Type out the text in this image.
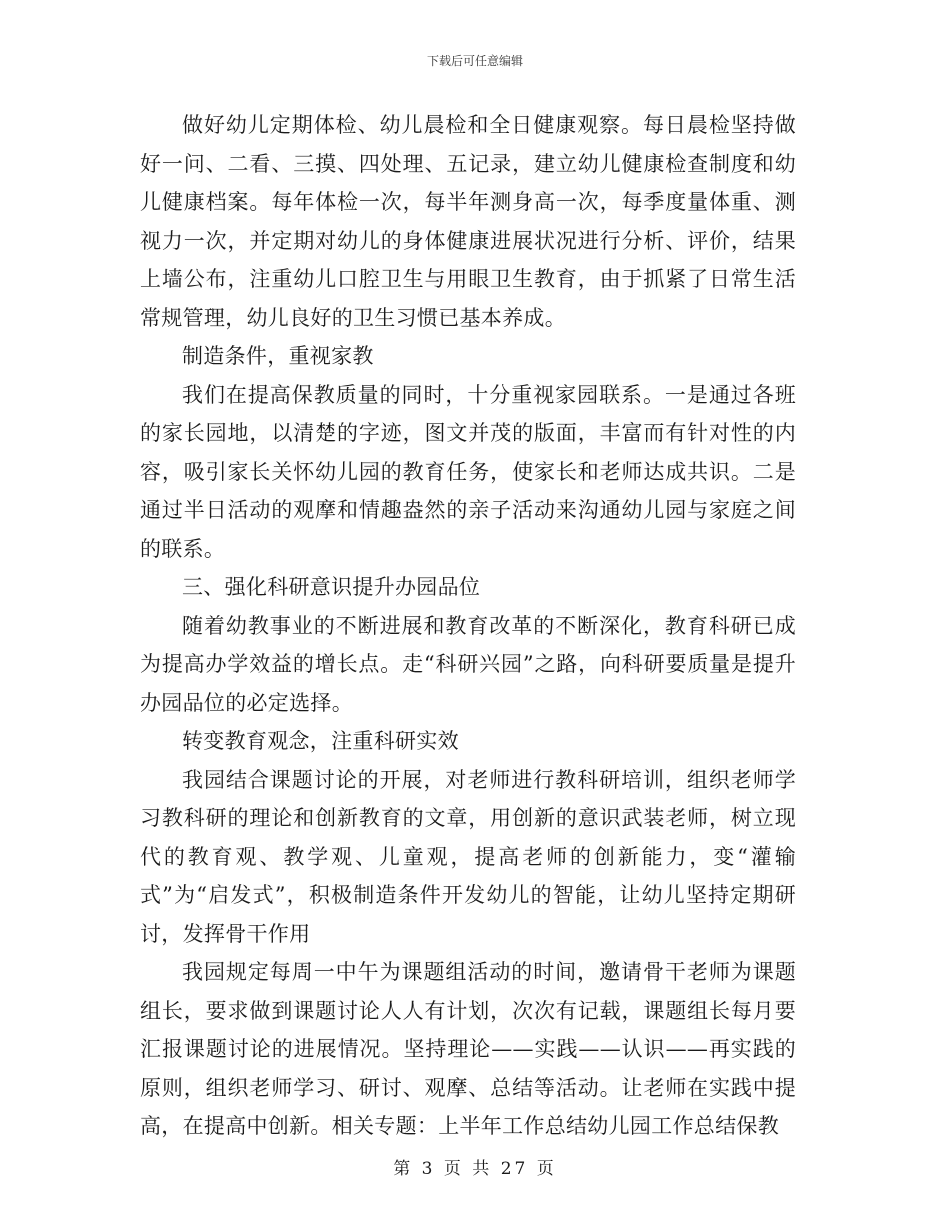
下载后可任意编辑

做好幼儿定期体检、幼儿晨检和全日健康观察。每日晨检坚持做好一问、二看、三摸、四处理、五记录，建立幼儿健康检查制度和幼儿健康档案。每年体检一次，每半年测身高一次，每季度量体重、测视力一次，并定期对幼儿的身体健康进展状况进行分析、评价，结果上墙公布，注重幼儿口腔卫生与用眼卫生教育，由于抓紧了日常生活常规管理，幼儿良好的卫生习惯已基本养成。

制造条件，重视家教

我们在提高保教质量的同时，十分重视家园联系。一是通过各班的家长园地，以清楚的字迹，图文并茂的版面，丰富而有针对性的内容，吸引家长关怀幼儿园的教育任务，使家长和老师达成共识。二是通过半日活动的观摩和情趣盎然的亲子活动来沟通幼儿园与家庭之间的联系。

三、强化科研意识提升办园品位

随着幼教事业的不断进展和教育改革的不断深化，教育科研已成为提高办学效益的增长点。走“科研兴园”之路，向科研要质量是提升办园品位的必定选择。

转变教育观念，注重科研实效

我园结合课题讨论的开展，对老师进行教科研培训，组织老师学习教科研的理论和创新教育的文章，用创新的意识武装老师，树立现代的教育观、教学观、儿童观，提高老师的创新能力，变“灌输式”为“启发式”，积极制造条件开发幼儿的智能，让幼儿坚持定期研讨，发挥骨干作用

我园规定每周一中午为课题组活动的时间，邀请骨干老师为课题组长，要求做到课题讨论人人有计划，次次有记载，课题组长每月要汇报课题讨论的进展情况。坚持理论——实践——认识——再实践的原则，组织老师学习、研讨、观摩、总结等活动。让老师在实践中提高，在提高中创新。相关专题：上半年工作总结幼儿园工作总结保教

第 3 页 共 27 页
